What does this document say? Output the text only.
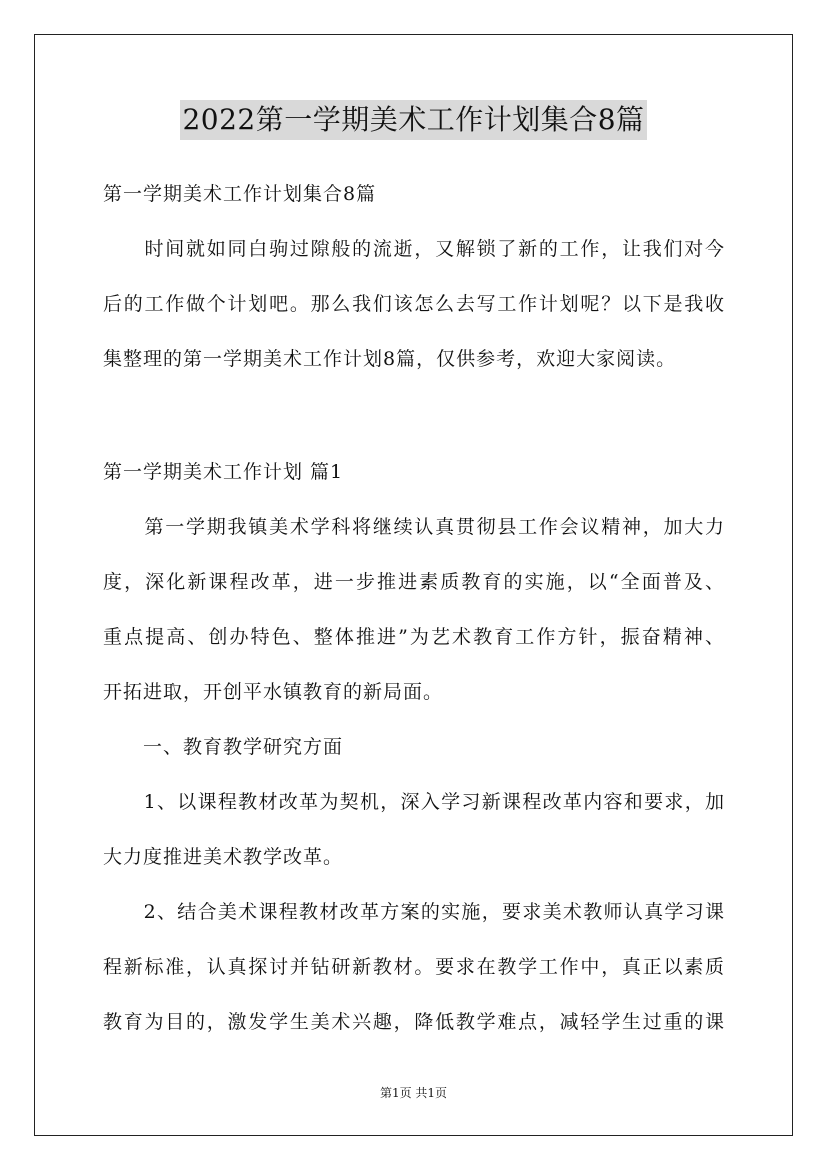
2022第一学期美术工作计划集合8篇
第一学期美术工作计划集合8篇
　　时间就如同白驹过隙般的流逝，又解锁了新的工作，让我们对今
后的工作做个计划吧。那么我们该怎么去写工作计划呢？以下是我收
集整理的第一学期美术工作计划8篇，仅供参考，欢迎大家阅读。
第一学期美术工作计划 篇1
　　第一学期我镇美术学科将继续认真贯彻县工作会议精神，加大力
度，深化新课程改革，进一步推进素质教育的实施，以“全面普及、
重点提高、创办特色、整体推进”为艺术教育工作方针，振奋精神、
开拓进取，开创平水镇教育的新局面。
　　一、教育教学研究方面
　　1、以课程教材改革为契机，深入学习新课程改革内容和要求，加
大力度推进美术教学改革。
　　2、结合美术课程教材改革方案的实施，要求美术教师认真学习课
程新标准，认真探讨并钻研新教材。要求在教学工作中，真正以素质
教育为目的，激发学生美术兴趣，降低教学难点，减轻学生过重的课
第1页 共1页
